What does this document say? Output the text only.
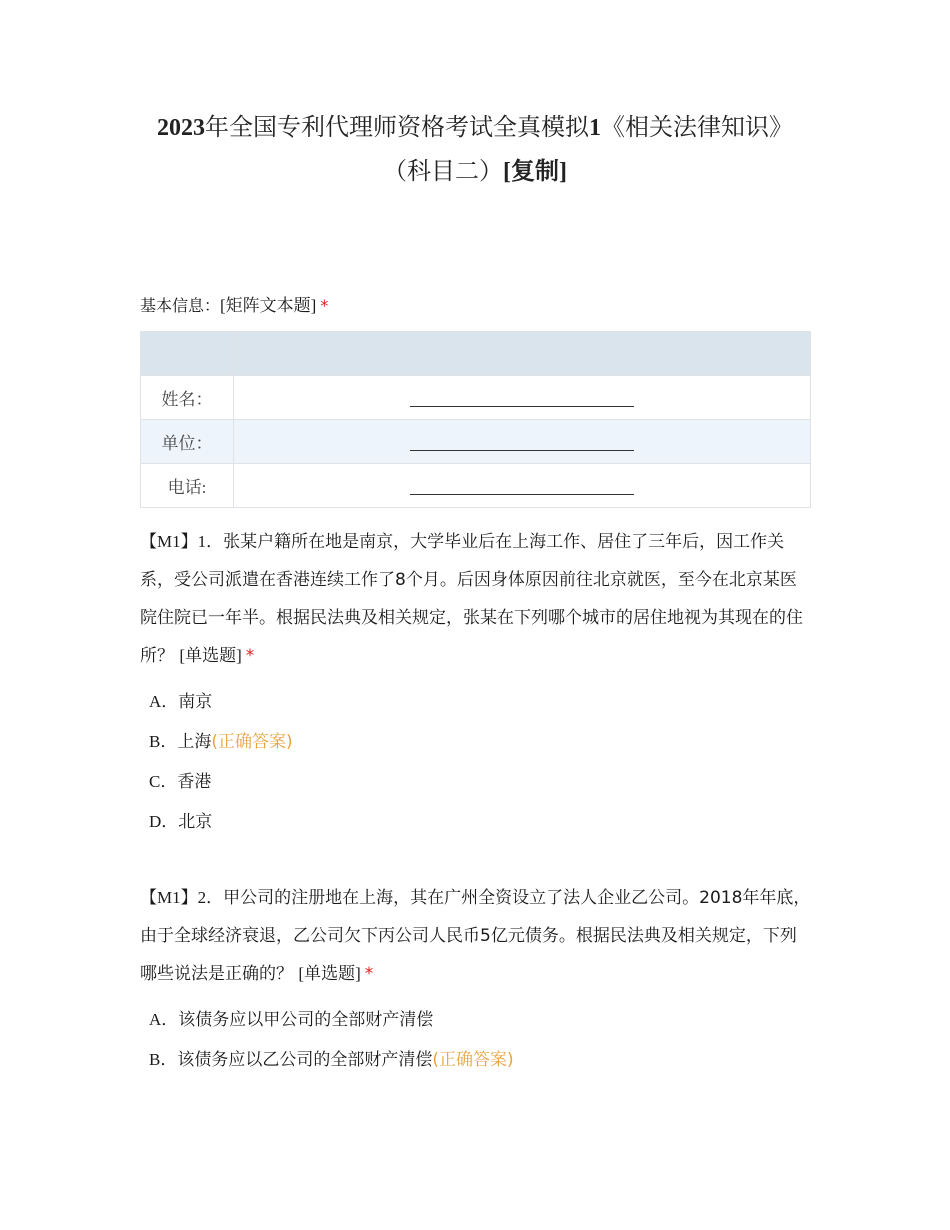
2023年全国专利代理师资格考试全真模拟1《相关法律知识》（科目二）[复制]
基本信息：[矩阵文本题] *

姓名：	
单位：	
电话:	
【M1】1．张某户籍所在地是南京，大学毕业后在上海工作、居住了三年后，因工作关系，受公司派遣在香港连续工作了8个月。后因身体原因前往北京就医，至今在北京某医院住院已一年半。根据民法典及相关规定，张某在下列哪个城市的居住地视为其现在的住所？ [单选题] *
A．南京
B．上海(正确答案)
C．香港
D．北京
【M1】2．甲公司的注册地在上海，其在广州全资设立了法人企业乙公司。2018年年底，由于全球经济衰退，乙公司欠下丙公司人民币5亿元债务。根据民法典及相关规定，下列哪些说法是正确的？ [单选题] *
A．该债务应以甲公司的全部财产清偿
B．该债务应以乙公司的全部财产清偿(正确答案)
